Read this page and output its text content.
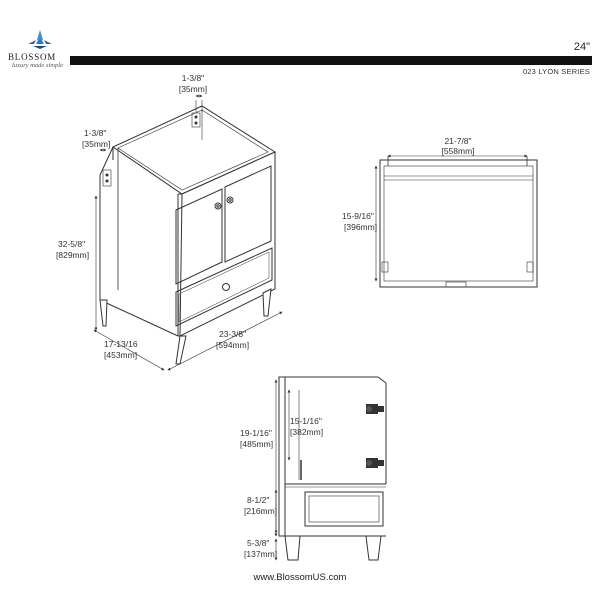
BLOSSOM
luxury made simple
24"
023 LYON SERIES
1-3/8"
[35mm]
1-3/8"
[35mm]
32-5/8"
[829mm]
17-13/16
[453mm]
23-3/8"
[594mm]
21-7/8"
[558mm]
15-9/16"
[396mm]
19-1/16"
[485mm]
15-1/16"
[382mm]
8-1/2"
[216mm]
5-3/8"
[137mm]
www.BlossomUS.com
